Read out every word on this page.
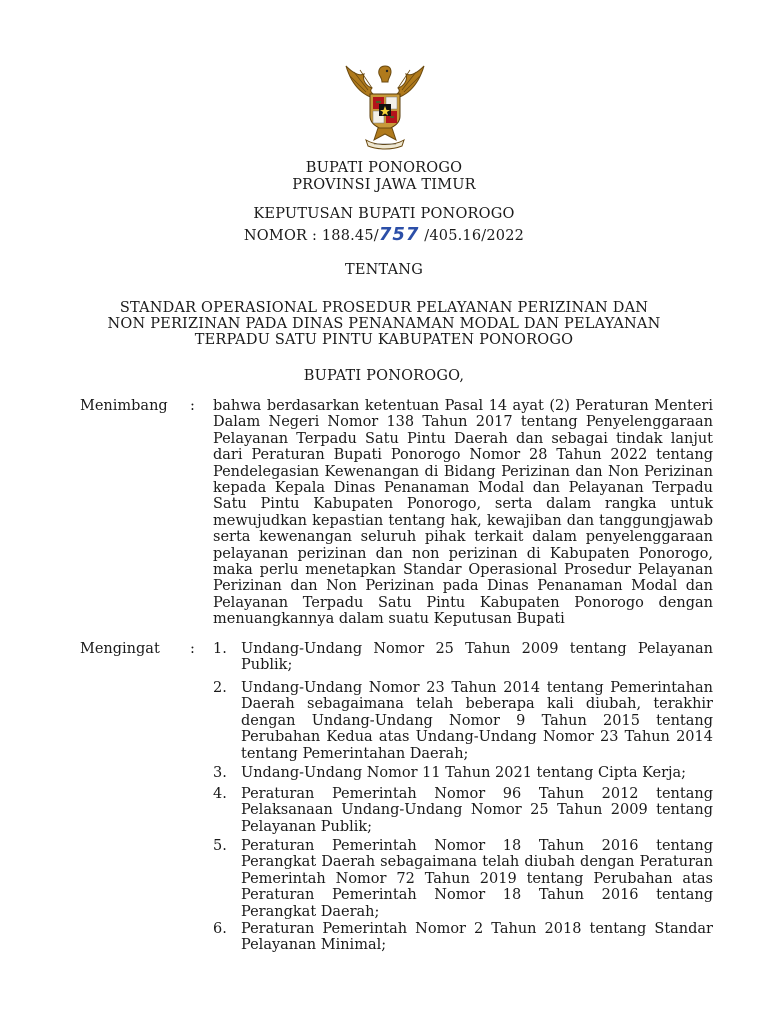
BUPATI PONOROGO
PROVINSI JAWA TIMUR
KEPUTUSAN BUPATI PONOROGO
NOMOR : 188.45/757 /405.16/2022
TENTANG
STANDAR OPERASIONAL PROSEDUR PELAYANAN PERIZINAN DAN
NON PERIZINAN PADA DINAS PENANAMAN MODAL DAN PELAYANAN
TERPADU SATU PINTU KABUPATEN PONOROGO
BUPATI PONOROGO,
Menimbang : bahwa berdasarkan ketentuan Pasal 14 ayat (2) Peraturan Menteri Dalam Negeri Nomor 138 Tahun 2017 tentang Penyelenggaraan Pelayanan Terpadu Satu Pintu Daerah dan sebagai tindak lanjut dari Peraturan Bupati Ponorogo Nomor 28 Tahun 2022 tentang Pendelegasian Kewenangan di Bidang Perizinan dan Non Perizinan kepada Kepala Dinas Penanaman Modal dan Pelayanan Terpadu Satu Pintu Kabupaten Ponorogo, serta dalam rangka untuk mewujudkan kepastian tentang hak, kewajiban dan tanggungjawab serta kewenangan seluruh pihak terkait dalam penyelenggaraan pelayanan perizinan dan non perizinan di Kabupaten Ponorogo, maka perlu menetapkan Standar Operasional Prosedur Pelayanan Perizinan dan Non Perizinan pada Dinas Penanaman Modal dan Pelayanan Terpadu Satu Pintu Kabupaten Ponorogo dengan menuangkannya dalam suatu Keputusan Bupati
Mengingat : 1. Undang-Undang Nomor 25 Tahun 2009 tentang Pelayanan Publik;
2. Undang-Undang Nomor 23 Tahun 2014 tentang Pemerintahan Daerah sebagaimana telah beberapa kali diubah, terakhir dengan Undang-Undang Nomor 9 Tahun 2015 tentang Perubahan Kedua atas Undang-Undang Nomor 23 Tahun 2014 tentang Pemerintahan Daerah;
3. Undang-Undang Nomor 11 Tahun 2021 tentang Cipta Kerja;
4. Peraturan Pemerintah Nomor 96 Tahun 2012 tentang Pelaksanaan Undang-Undang Nomor 25 Tahun 2009 tentang Pelayanan Publik;
5. Peraturan Pemerintah Nomor 18 Tahun 2016 tentang Perangkat Daerah sebagaimana telah diubah dengan Peraturan Pemerintah Nomor 72 Tahun 2019 tentang Perubahan atas Peraturan Pemerintah Nomor 18 Tahun 2016 tentang Perangkat Daerah;
6. Peraturan Pemerintah Nomor 2 Tahun 2018 tentang Standar Pelayanan Minimal;
